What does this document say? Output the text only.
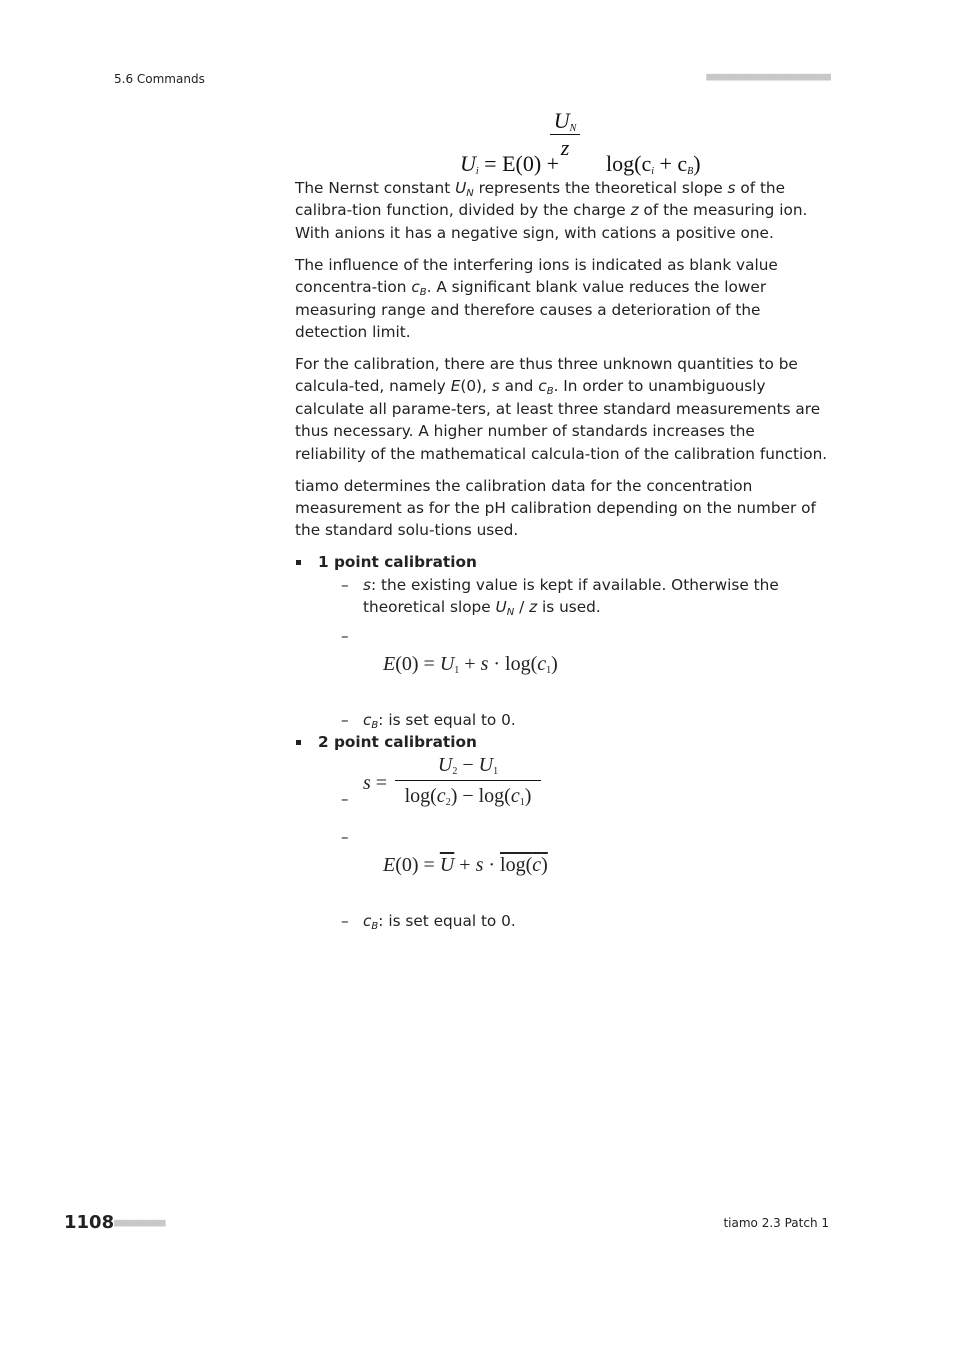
5.6 Commands	■■■■■■■■■■■■■■■■■■■■■■

$U_i = E(0)$ +

$U_N$
z

$\log(c_i + c_B)$

The Nernst constant $U_N$ represents the theoretical slope s of the calibra-tion function, divided by the charge z of the measuring ion. With anions it has a negative sign, with cations a positive one.

The influence of the interfering ions is indicated as blank value concentra-tion $c_B$. A significant blank value reduces the lower measuring range and therefore causes a deterioration of the detection limit.

For the calibration, there are thus three unknown quantities to be calcula-ted, namely E(0), s and $c_B$. In order to unambiguously calculate all parame-ters, at least three standard measurements are thus necessary. A higher number of standards increases the reliability of the mathematical calcula-tion of the calibration function.

tiamo determines the calibration data for the concentration measurement as for the pH calibration depending on the number of the standard solu-tions used.

1 point calibration
– s: the existing value is kept if available. Otherwise the theoretical slope $U_N$ / z is used.

–
$E(0) = U_1 + s \cdot \log(c_1)$

– $c_B$: is set equal to 0.
2 point calibration
–
s =
$U_2 - U_1$
$\log(c_2) - \log(c_1)$

–
$E(0) = \overline{U} + s \cdot \log(c)$

– $c_B$: is set equal to 0.
1108 ■■■■■■■■■	tiamo 2.3 Patch 1
